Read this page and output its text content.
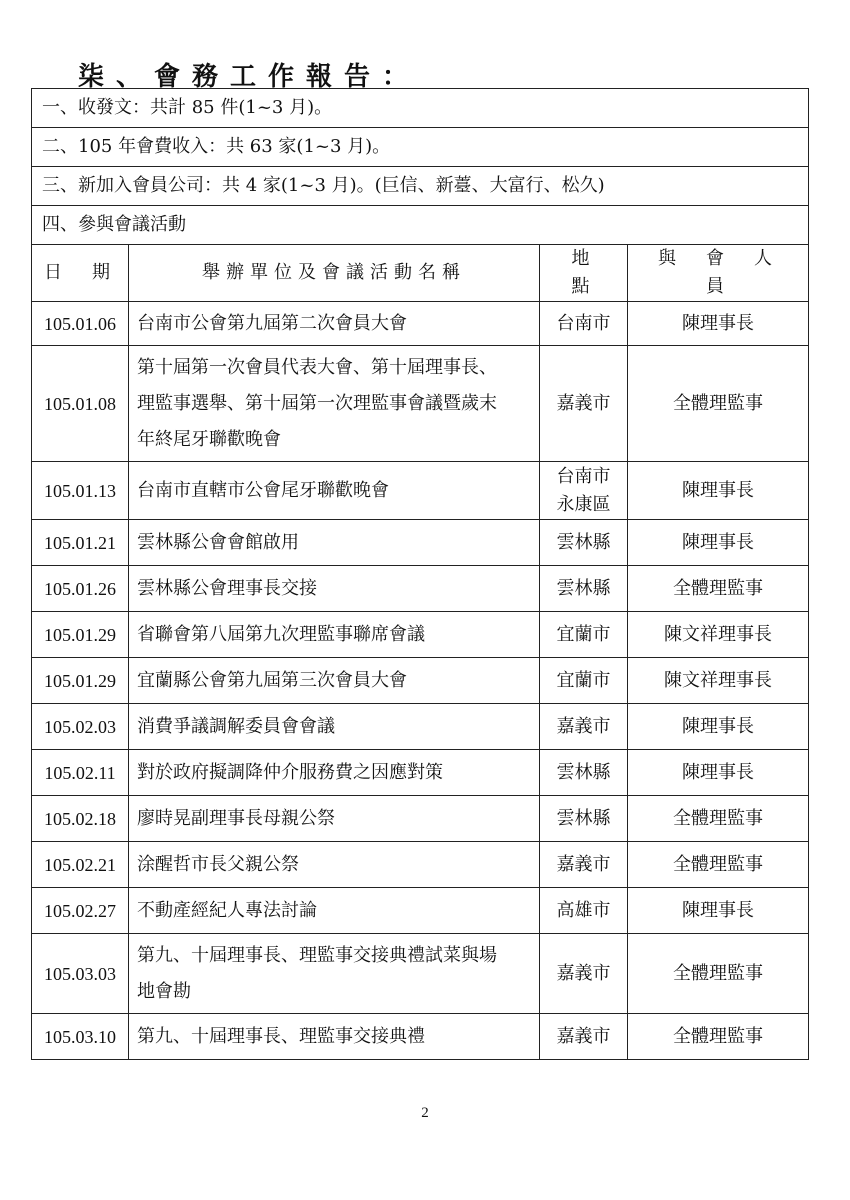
柒、會務工作報告：
一、收發文：共計 85 件(1~3 月)。			
二、105 年會費收入：共 63 家(1~3 月)。			
三、新加入會員公司：共 4 家(1~3 月)。(巨信、新薹、大富行、松久)			
四、參與會議活動			
日　期	舉辦單位及會議活動名稱	地　點	與　會　人　員
105.01.06	台南市公會第九屆第二次會員大會	台南市	陳理事長
105.01.08	第十屆第一次會員代表大會、第十屆理事長、
理監事選舉、第十屆第一次理監事會議暨歲末
年終尾牙聯歡晚會	嘉義市	全體理監事
105.01.13	台南市直轄市公會尾牙聯歡晚會	台南市
永康區	陳理事長
105.01.21	雲林縣公會會館啟用	雲林縣	陳理事長
105.01.26	雲林縣公會理事長交接	雲林縣	全體理監事
105.01.29	省聯會第八屆第九次理監事聯席會議	宜蘭市	陳文祥理事長
105.01.29	宜蘭縣公會第九屆第三次會員大會	宜蘭市	陳文祥理事長
105.02.03	消費爭議調解委員會會議	嘉義市	陳理事長
105.02.11	對於政府擬調降仲介服務費之因應對策	雲林縣	陳理事長
105.02.18	廖時晃副理事長母親公祭	雲林縣	全體理監事
105.02.21	涂醒哲市長父親公祭	嘉義市	全體理監事
105.02.27	不動產經紀人專法討論	高雄市	陳理事長
105.03.03	第九、十屆理事長、理監事交接典禮試菜與場
地會勘	嘉義市	全體理監事
105.03.10	第九、十屆理事長、理監事交接典禮	嘉義市	全體理監事
2
